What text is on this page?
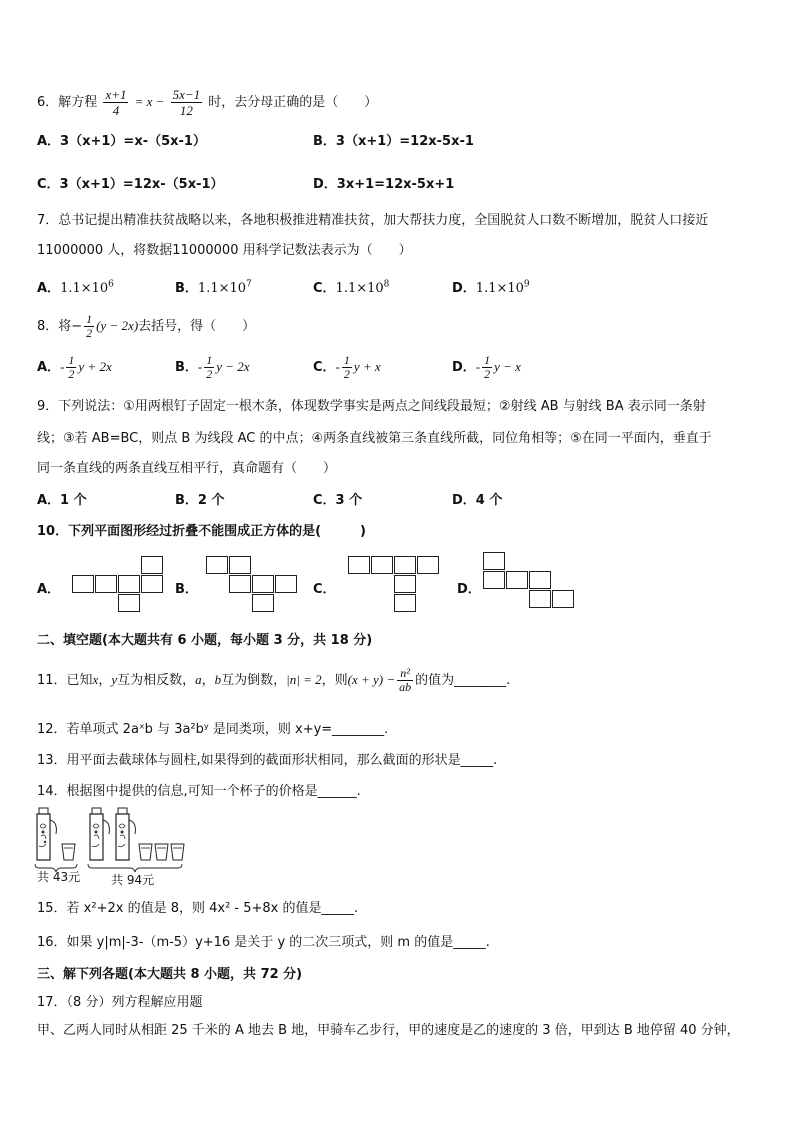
6．解方程 $\frac{x+1}{4} = x - \frac{5x-1}{12}$ 时，去分母正确的是（　　）
A．3（x+1）=x-（5x-1）	B．3（x+1）=12x-5x-1
C．3（x+1）=12x-（5x-1）	D．3x+1=12x-5x+1
7．总书记提出精准扶贫战略以来，各地积极推进精准扶贫，加大帮扶力度，全国脱贫人口数不断增加，脱贫人口接近
11000000 人，将数据11000000 用科学记数法表示为（　　）
A．$1.1\times 10^6$	B．$1.1\times 10^7$	C．$1.1\times 10^8$	D．$1.1\times 10^9$
8．将− $\frac{1}{2} (y - 2x)$去括号，得（　　）
A．- $\frac{1}{2}$ y + 2x	B．- $\frac{1}{2}$ y − 2x	C．- $\frac{1}{2}$ y + x	D．- $\frac{1}{2}$ y − x
9．下列说法：①用两根钉子固定一根木条，体现数学事实是两点之间线段最短；②射线 AB 与射线 BA 表示同一条射
线；③若 AB=BC，则点 B 为线段 AC 的中点；④两条直线被第三条直线所截，同位角相等；⑤在同一平面内，垂直于
同一条直线的两条直线互相平行，真命题有（　　）
A．1 个	B．2 个	C．3 个	D．4 个
10．下列平面图形经过折叠不能围成正方体的是(　　　)
A．	B．	C．	D．
二、填空题(本大题共有 6 小题，每小题 3 分，共 18 分)
11．已知x，y互为相反数，a，b互为倒数，|n| = 2，则$(x + y) - \frac{\text{n²}}{ab}$ 的值为________.
12．若单项式 2aˣb 与 3a²bʸ 是同类项，则 x+y=________.
13．用平面去截球体与圆柱,如果得到的截面形状相同，那么截面的形状是_____.
14．根据图中提供的信息,可知一个杯子的价格是______.
共 43元	共 94元
15．若 x²+2x 的值是 8，则 4x² - 5+8x 的值是_____.
16．如果 y|m|-3-（m-5）y+16 是关于 y 的二次三项式，则 m 的值是_____.
三、解下列各题(本大题共 8 小题，共 72 分)
17．（8 分）列方程解应用题
甲、乙两人同时从相距 25 千米的 A 地去 B 地，甲骑车乙步行，甲的速度是乙的速度的 3 倍，甲到达 B 地停留 40 分钟，
